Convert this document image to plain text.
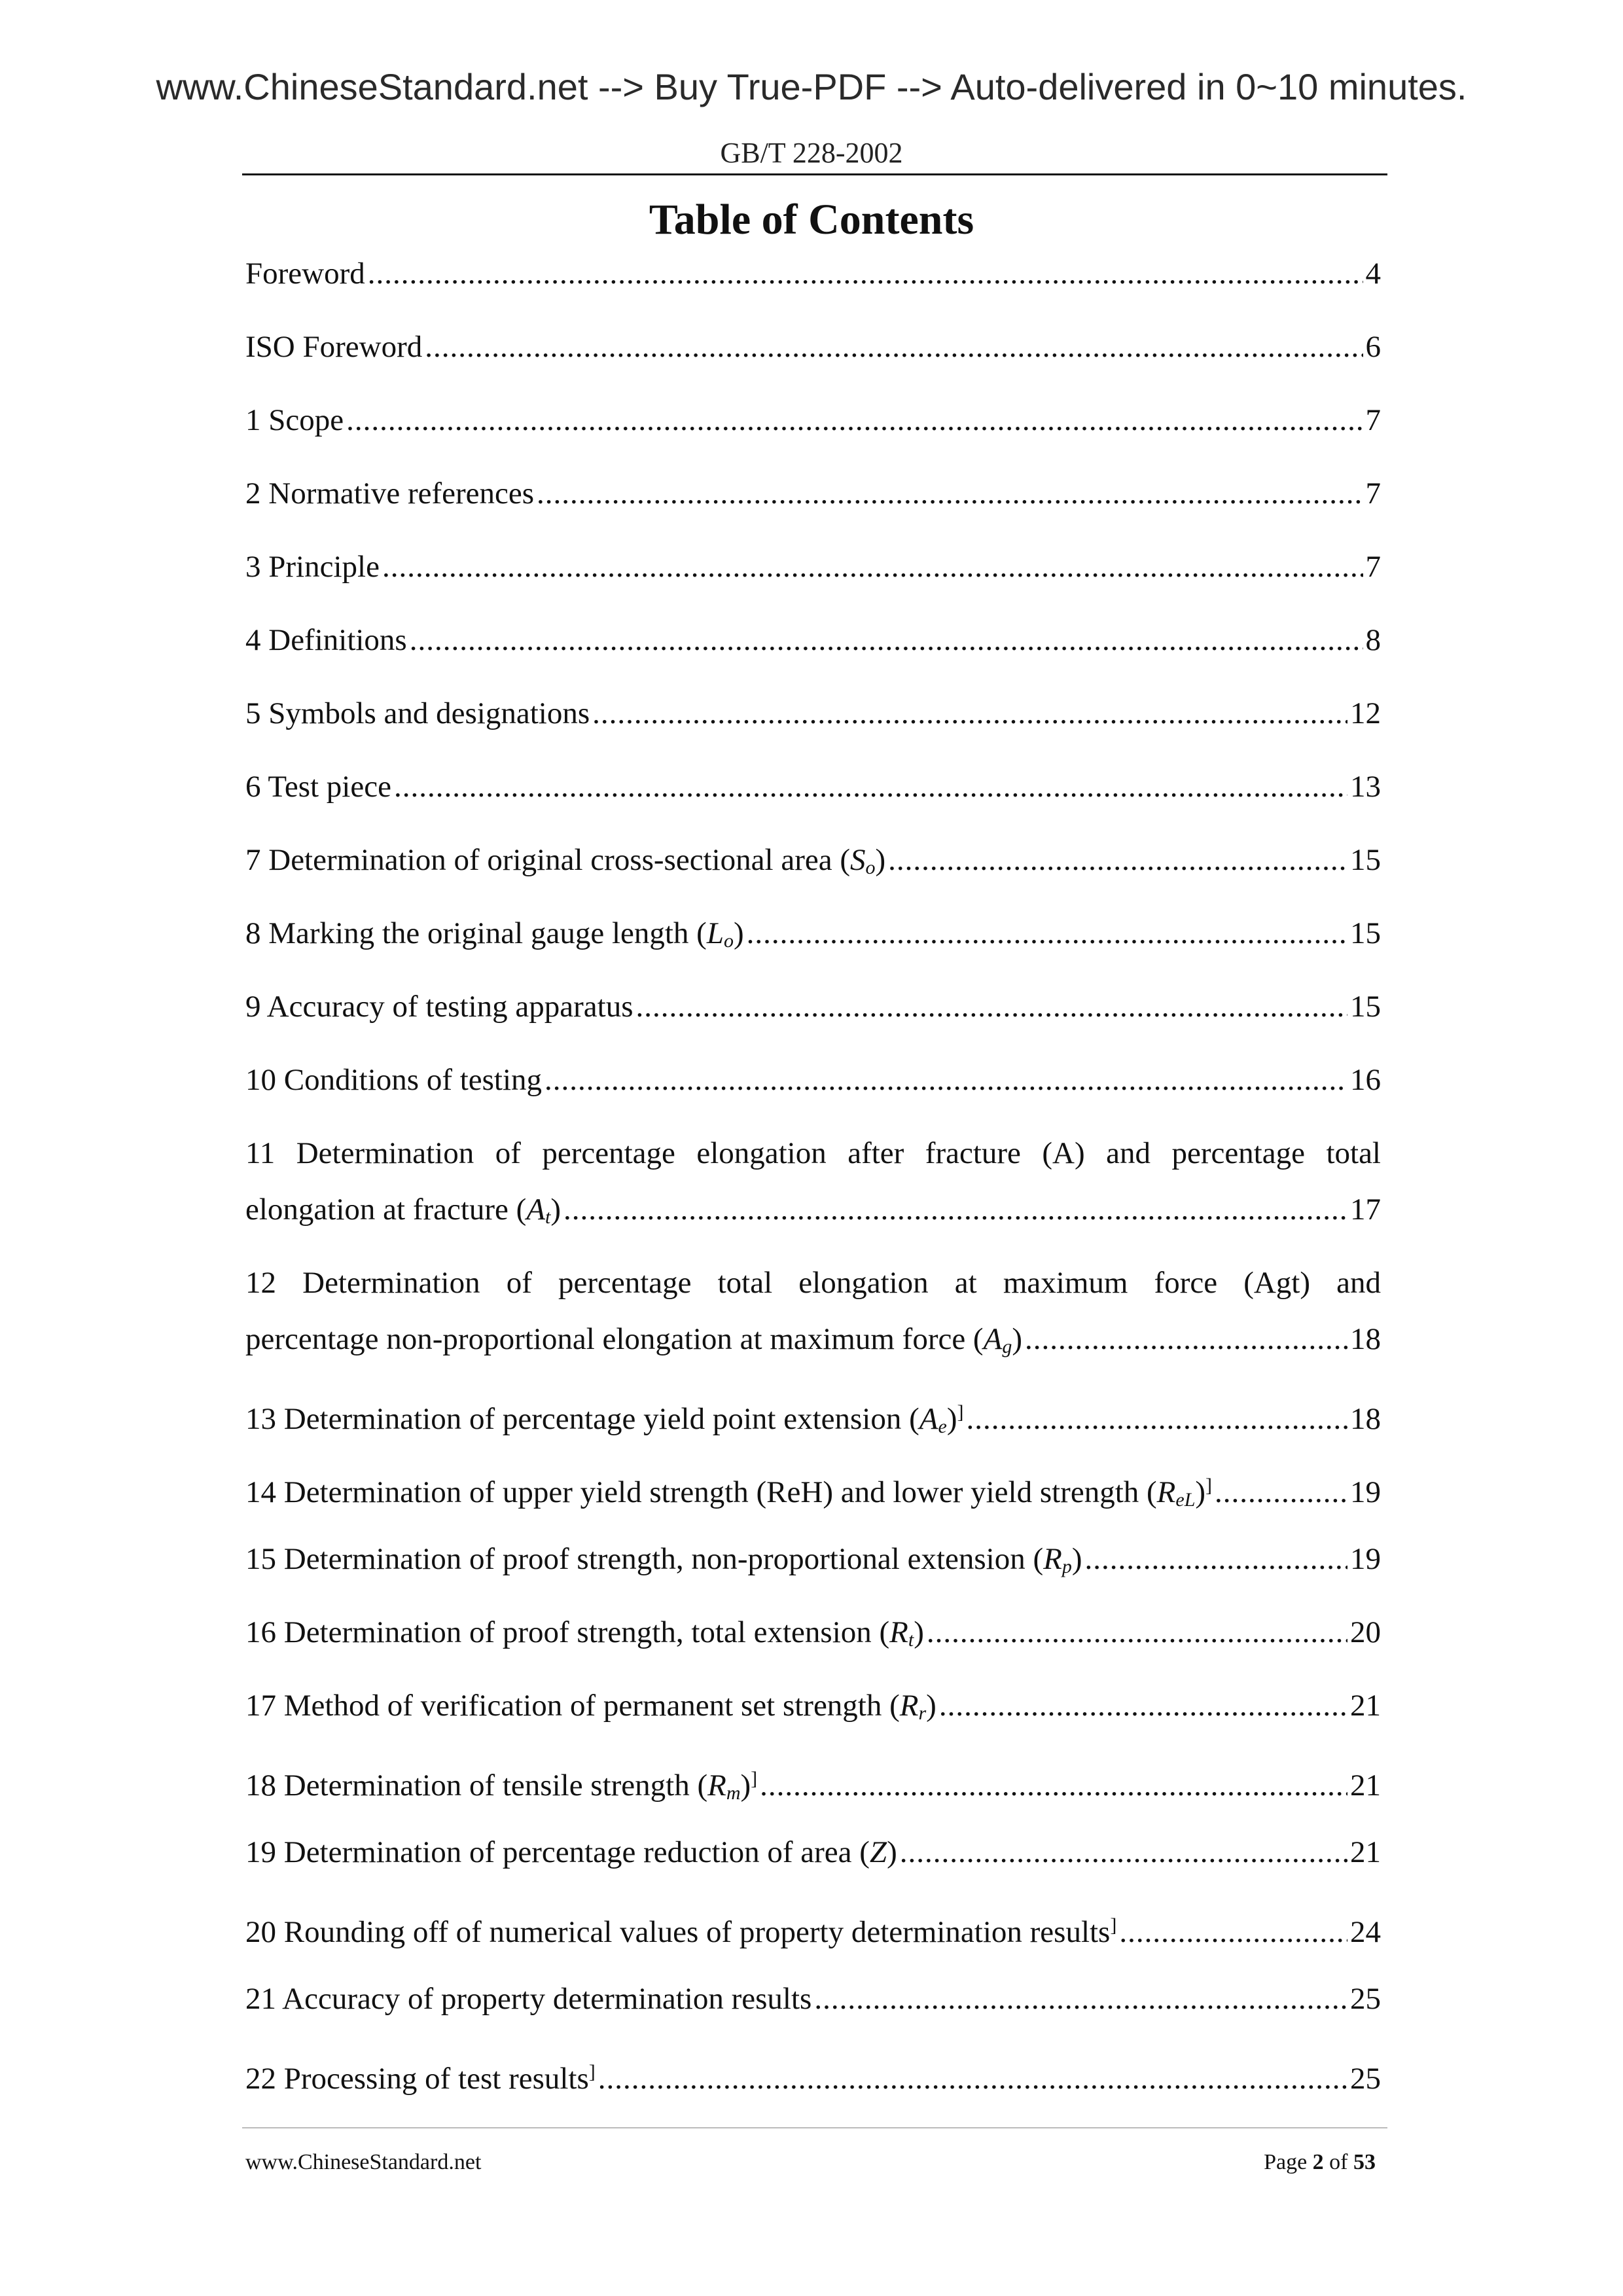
www.ChineseStandard.net --> Buy True-PDF --> Auto-delivered in 0~10 minutes.
GB/T 228-2002
Table of Contents
Foreword .....	4
ISO Foreword .....	6
1 Scope .....	7
2 Normative references .....	7
3 Principle .....	7
4 Definitions .....	8
5 Symbols and designations .....	12
6 Test piece .....	13
7 Determination of original cross-sectional area $(S_o)$ .....	15
8 Marking the original gauge length $(L_o)$ .....	15
9 Accuracy of testing apparatus .....	15
10 Conditions of testing .....	16
11 Determination of percentage elongation after fracture (A) and percentage total
elongation at fracture $(A_t)$ .....	17
12 Determination of percentage total elongation at maximum force (Agt) and
percentage non-proportional elongation at maximum force $(A_g)$ .....	18
13 Determination of percentage yield point extension $(A_e)^]$ .....	18
14 Determination of upper yield strength (ReH) and lower yield strength $(R_{eL})^]$ .....	19
15 Determination of proof strength, non-proportional extension $(R_p)$ .....	19
16 Determination of proof strength, total extension $(R_t)$ .....	20
17 Method of verification of permanent set strength $(R_r)$ .....	21
18 Determination of tensile strength $(R_m)^]$ .....	21
19 Determination of percentage reduction of area (Z) .....	21
20 Rounding off of numerical values of property determination results] .....	24
21 Accuracy of property determination results .....	25
22 Processing of test results] .....	25
www.ChineseStandard.net	Page 2 of 53
